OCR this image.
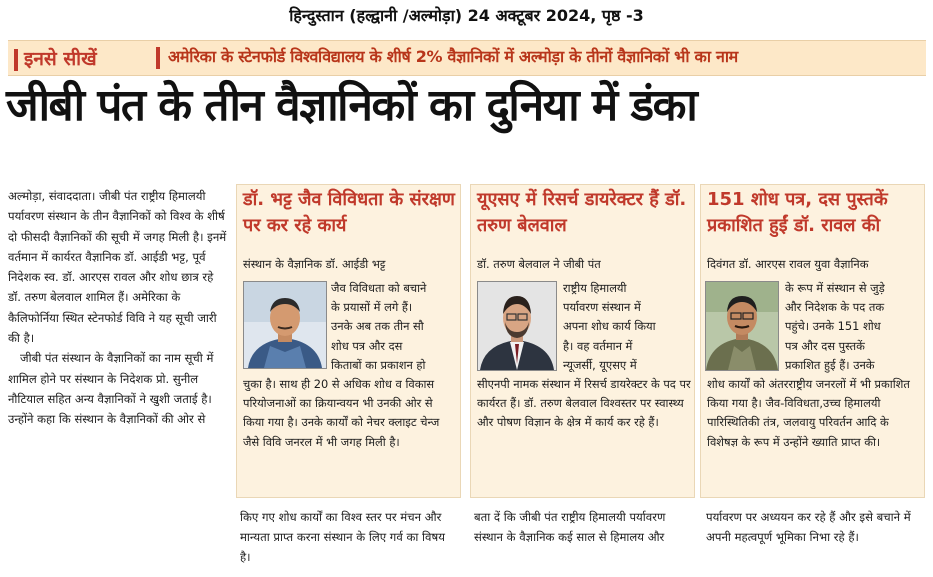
हिन्दुस्तान (हल्द्वानी /अल्मोड़ा) 24 अक्टूबर 2024, पृष्ठ -3
इनसे सीखें	अमेरिका के स्टेनफोर्ड विश्वविद्यालय के शीर्ष 2% वैज्ञानिकों में अल्मोड़ा के तीनों वैज्ञानिकों भी का नाम
जीबी पंत के तीन वैज्ञानिकों का दुनिया में डंका

अल्मोड़ा, संवाददाता। जीबी पंत राष्ट्रीय हिमालयी पर्यावरण संस्थान के तीन वैज्ञानिकों को विश्व के शीर्ष दो फीसदी वैज्ञानिकों की सूची में जगह मिली है। इनमें वर्तमान में कार्यरत वैज्ञानिक डॉ. आईडी भट्ट, पूर्व निदेशक स्व. डॉ. आरएस रावल और शोध छात्र रहे डॉ. तरुण बेलवाल शामिल हैं। अमेरिका के कैलिफोर्निया स्थित स्टेनफोर्ड विवि ने यह सूची जारी की है।

जीबी पंत संस्थान के वैज्ञानिकों का नाम सूची में शामिल होने पर संस्थान के निदेशक प्रो. सुनील नौटियाल सहित अन्य वैज्ञानिकों ने खुशी जताई है। उन्होंने कहा कि संस्थान के वैज्ञानिकों की ओर से

डॉ. भट्ट जैव विविधता के संरक्षण पर कर रहे कार्य
संस्थान के वैज्ञानिक डॉ. आईडी भट्ट
जैव विविधता को बचाने
के प्रयासों में लगे हैं।
उनके अब तक तीन सौ
शोध पत्र और दस
किताबों का प्रकाशन हो
चुका है। साथ ही 20 से अधिक शोध व विकास परियोजनाओं का क्रियान्वयन भी उनकी ओर से किया गया है। उनके कार्यों को नेचर क्लाइट चेन्ज जैसे विवि जनरल में भी जगह मिली है।
यूएसए में रिसर्च डायरेक्टर हैं डॉ. तरुण बेलवाल
डॉ. तरुण बेलवाल ने जीबी पंत
राष्ट्रीय हिमालयी
पर्यावरण संस्थान में
अपना शोध कार्य किया
है। वह वर्तमान में
न्यूजर्सी, यूएसए में
सीएनपी नामक संस्थान में रिसर्च डायरेक्टर के पद पर कार्यरत हैं। डॉ. तरुण बेलवाल विश्वस्तर पर स्वास्थ्य और पोषण विज्ञान के क्षेत्र में कार्य कर रहे हैं।
151 शोध पत्र, दस पुस्तकें प्रकाशित हुईं डॉ. रावल की
दिवंगत डॉ. आरएस रावल युवा वैज्ञानिक
के रूप में संस्थान से जुड़े
और निदेशक के पद तक
पहुंचे। उनके 151 शोध
पत्र और दस पुस्तकें
प्रकाशित हुई हैं। उनके
शोध कार्यों को अंतरराष्ट्रीय जनरलों में भी प्रकाशित किया गया है। जैव-विविधता,उच्च हिमालयी पारिस्थितिकी तंत्र, जलवायु परिवर्तन आदि के विशेषज्ञ के रूप में उन्होंने ख्याति प्राप्त की।
किए गए शोध कार्यों का विश्व स्तर पर मंचन और मान्यता प्राप्त करना संस्थान के लिए गर्व का विषय है।
बता दें कि जीबी पंत राष्ट्रीय हिमालयी पर्यावरण संस्थान के वैज्ञानिक कई साल से हिमालय और
पर्यावरण पर अध्ययन कर रहे हैं और इसे बचाने में अपनी महत्वपूर्ण भूमिका निभा रहे हैं।
